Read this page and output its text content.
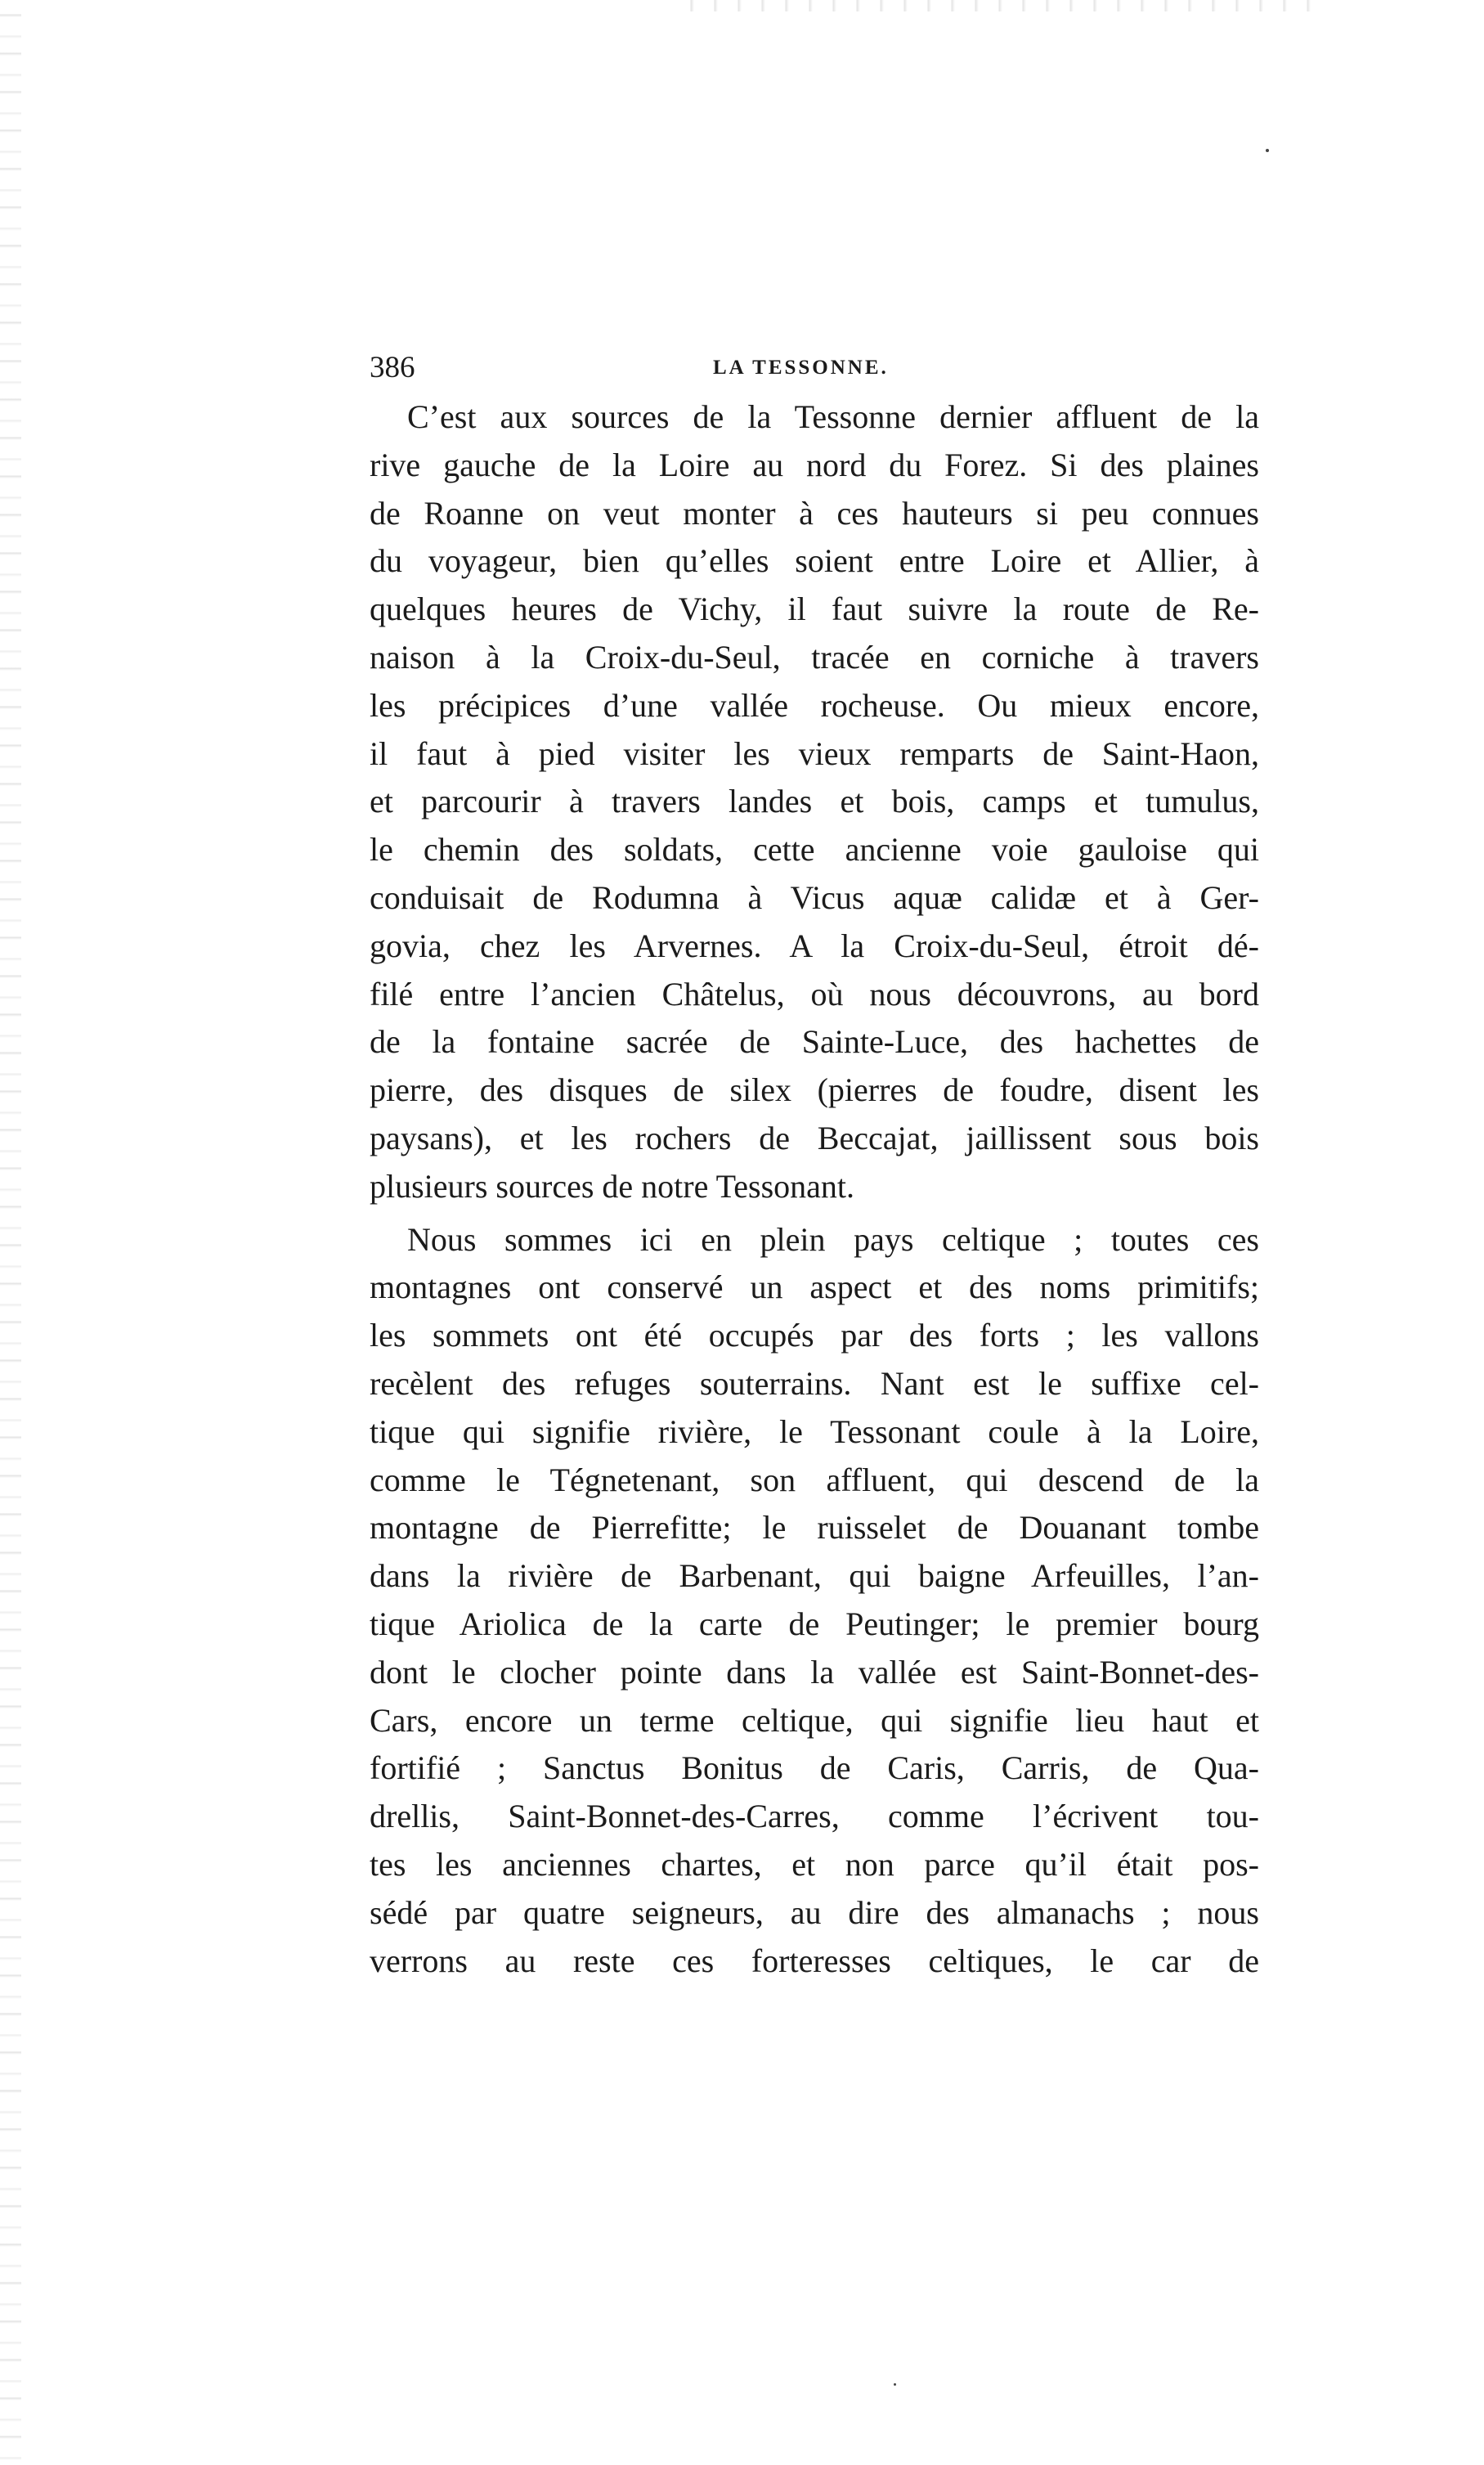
386	LA TESSONNE.
C’est aux sources de la Tessonne dernier affluent de la
rive gauche de la Loire au nord du Forez. Si des plaines
de Roanne on veut monter à ces hauteurs si peu connues
du voyageur, bien qu’elles soient entre Loire et Allier, à
quelques heures de Vichy, il faut suivre la route de Re-
naison à la Croix-du-Seul, tracée en corniche à travers
les précipices d’une vallée rocheuse. Ou mieux encore,
il faut à pied visiter les vieux remparts de Saint-Haon,
et parcourir à travers landes et bois, camps et tumulus,
le chemin des soldats, cette ancienne voie gauloise qui
conduisait de Rodumna à Vicus aquæ calidæ et à Ger-
govia, chez les Arvernes. A la Croix-du-Seul, étroit dé-
filé entre l’ancien Châtelus, où nous découvrons, au bord
de la fontaine sacrée de Sainte-Luce, des hachettes de
pierre, des disques de silex (pierres de foudre, disent les
paysans), et les rochers de Beccajat, jaillissent sous bois
plusieurs sources de notre Tessonant.
Nous sommes ici en plein pays celtique ; toutes ces
montagnes ont conservé un aspect et des noms primitifs;
les sommets ont été occupés par des forts ; les vallons
recèlent des refuges souterrains. Nant est le suffixe cel-
tique qui signifie rivière, le Tessonant coule à la Loire,
comme le Tégnetenant, son affluent, qui descend de la
montagne de Pierrefitte; le ruisselet de Douanant tombe
dans la rivière de Barbenant, qui baigne Arfeuilles, l’an-
tique Ariolica de la carte de Peutinger; le premier bourg
dont le clocher pointe dans la vallée est Saint-Bonnet-des-
Cars, encore un terme celtique, qui signifie lieu haut et
fortifié ; Sanctus Bonitus de Caris, Carris, de Qua-
drellis, Saint-Bonnet-des-Carres, comme l’écrivent tou-
tes les anciennes chartes, et non parce qu’il était pos-
sédé par quatre seigneurs, au dire des almanachs ; nous
verrons au reste ces forteresses celtiques, le car de
